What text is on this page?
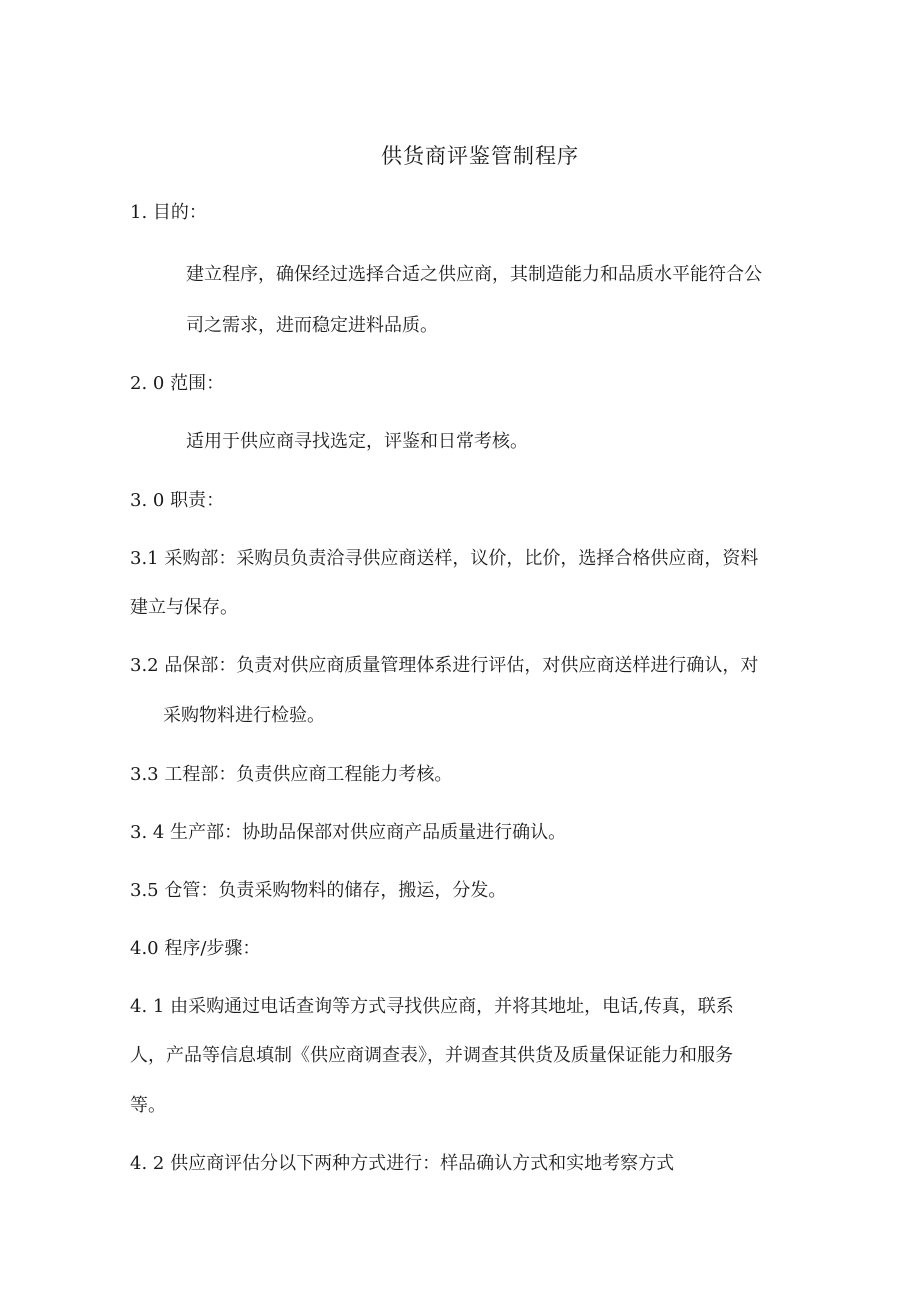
供货商评鉴管制程序
1. 目的：
建立程序，确保经过选择合适之供应商，其制造能力和品质水平能符合公
司之需求，进而稳定进料品质。
2. 0 范围：
适用于供应商寻找选定，评鉴和日常考核。
3. 0 职责：
3.1 采购部：采购员负责洽寻供应商送样，议价，比价，选择合格供应商，资料
建立与保存。
3.2 品保部：负责对供应商质量管理体系进行评估，对供应商送样进行确认，对
采购物料进行检验。
3.3 工程部：负责供应商工程能力考核。
3. 4 生产部：协助品保部对供应商产品质量进行确认。
3.5 仓管：负责采购物料的储存，搬运，分发。
4.0 程序/步骤：
4. 1 由采购通过电话查询等方式寻找供应商，并将其地址，电话,传真，联系
人，产品等信息填制《供应商调查表》，并调查其供货及质量保证能力和服务
等。
4. 2 供应商评估分以下两种方式进行：样品确认方式和实地考察方式
